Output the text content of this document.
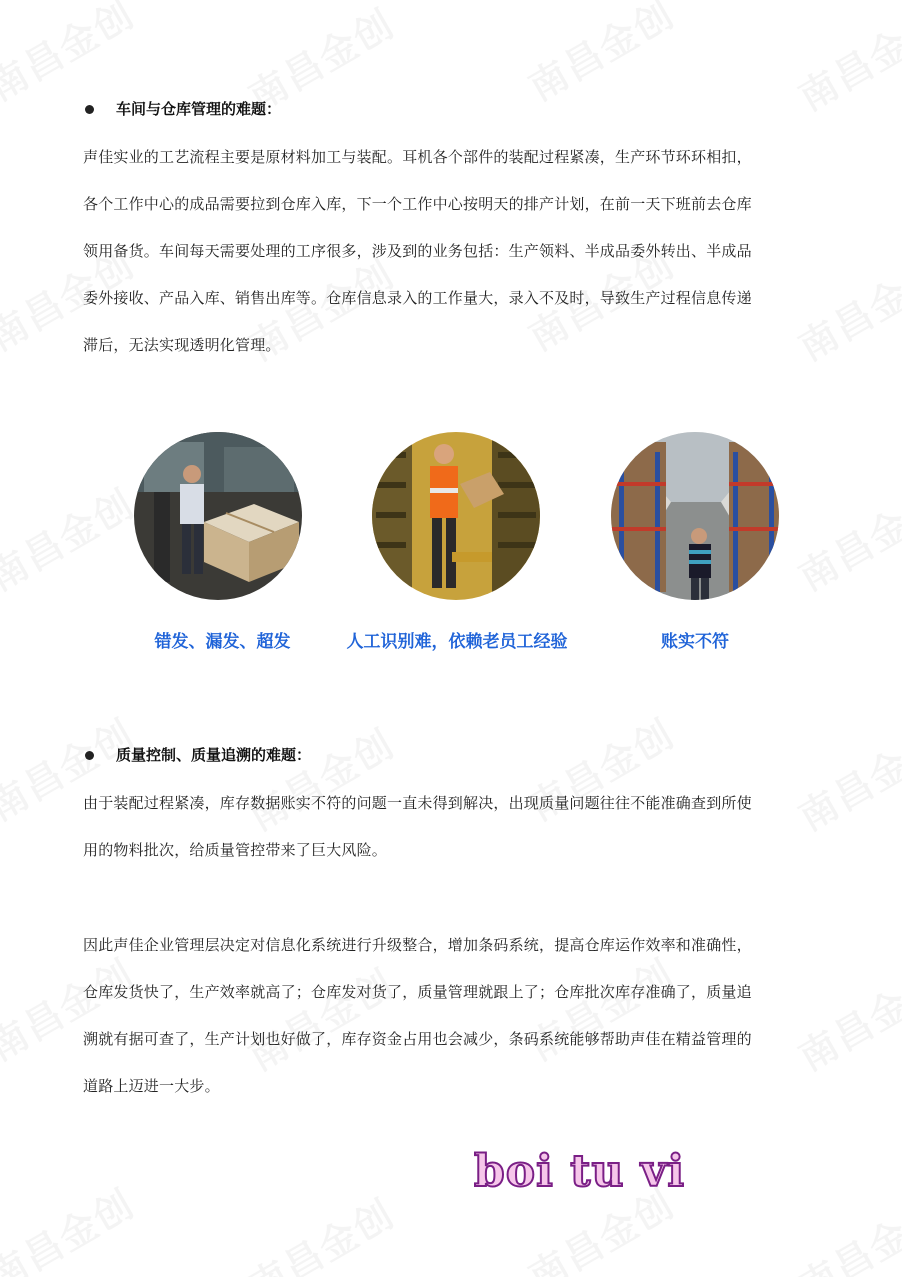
车间与仓库管理的难题：

声佳实业的工艺流程主要是原材料加工与装配。耳机各个部件的装配过程紧凑，生产环节环环相扣，

各个工作中心的成品需要拉到仓库入库，下一个工作中心按明天的排产计划，在前一天下班前去仓库

领用备货。车间每天需要处理的工序很多，涉及到的业务包括：生产领料、半成品委外转出、半成品

委外接收、产品入库、销售出库等。仓库信息录入的工作量大，录入不及时，导致生产过程信息传递

滞后，无法实现透明化管理。

错发、漏发、超发	人工识别难，依赖老员工经验	账实不符
质量控制、质量追溯的难题：

由于装配过程紧凑，库存数据账实不符的问题一直未得到解决，出现质量问题往往不能准确查到所使

用的物料批次，给质量管控带来了巨大风险。

因此声佳企业管理层决定对信息化系统进行升级整合，增加条码系统，提高仓库运作效率和准确性，

仓库发货快了，生产效率就高了；仓库发对货了，质量管理就跟上了；仓库批次库存准确了，质量追

溯就有据可查了，生产计划也好做了，库存资金占用也会减少，条码系统能够帮助声佳在精益管理的

道路上迈进一大步。

boi tu vi
